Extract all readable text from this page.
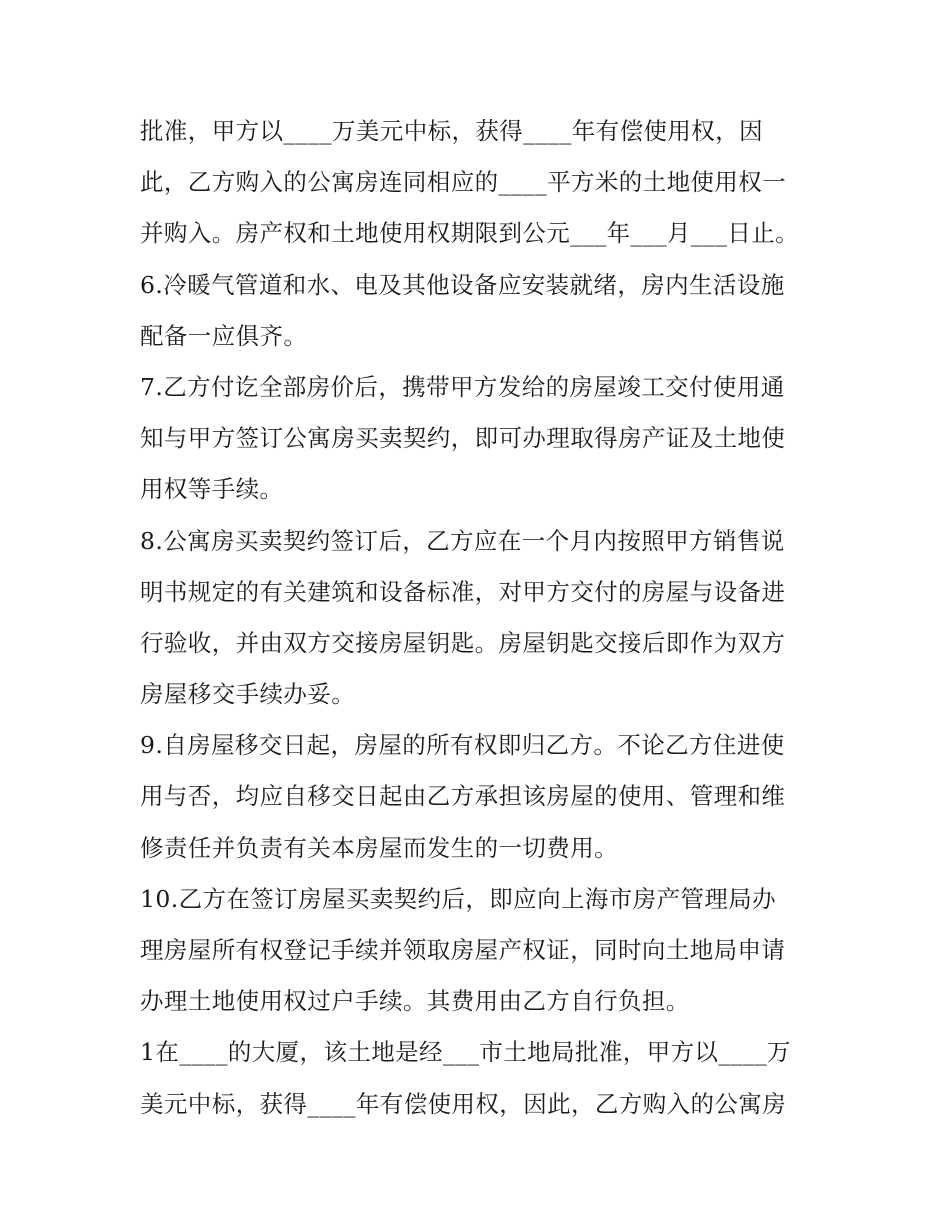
批准，甲方以____万美元中标，获得____年有偿使用权，因
此，乙方购入的公寓房连同相应的____平方米的土地使用权一
并购入。房产权和土地使用权期限到公元___年___月___日止。
6.冷暖气管道和水、电及其他设备应安装就绪，房内生活设施
配备一应俱齐。
7.乙方付讫全部房价后，携带甲方发给的房屋竣工交付使用通
知与甲方签订公寓房买卖契约，即可办理取得房产证及土地使
用权等手续。
8.公寓房买卖契约签订后，乙方应在一个月内按照甲方销售说
明书规定的有关建筑和设备标准，对甲方交付的房屋与设备进
行验收，并由双方交接房屋钥匙。房屋钥匙交接后即作为双方
房屋移交手续办妥。
9.自房屋移交日起，房屋的所有权即归乙方。不论乙方住进使
用与否，均应自移交日起由乙方承担该房屋的使用、管理和维
修责任并负责有关本房屋而发生的一切费用。
10.乙方在签订房屋买卖契约后，即应向上海市房产管理局办
理房屋所有权登记手续并领取房屋产权证，同时向土地局申请
办理土地使用权过户手续。其费用由乙方自行负担。
1在____的大厦，该土地是经___市土地局批准，甲方以____万
美元中标，获得____年有偿使用权，因此，乙方购入的公寓房
